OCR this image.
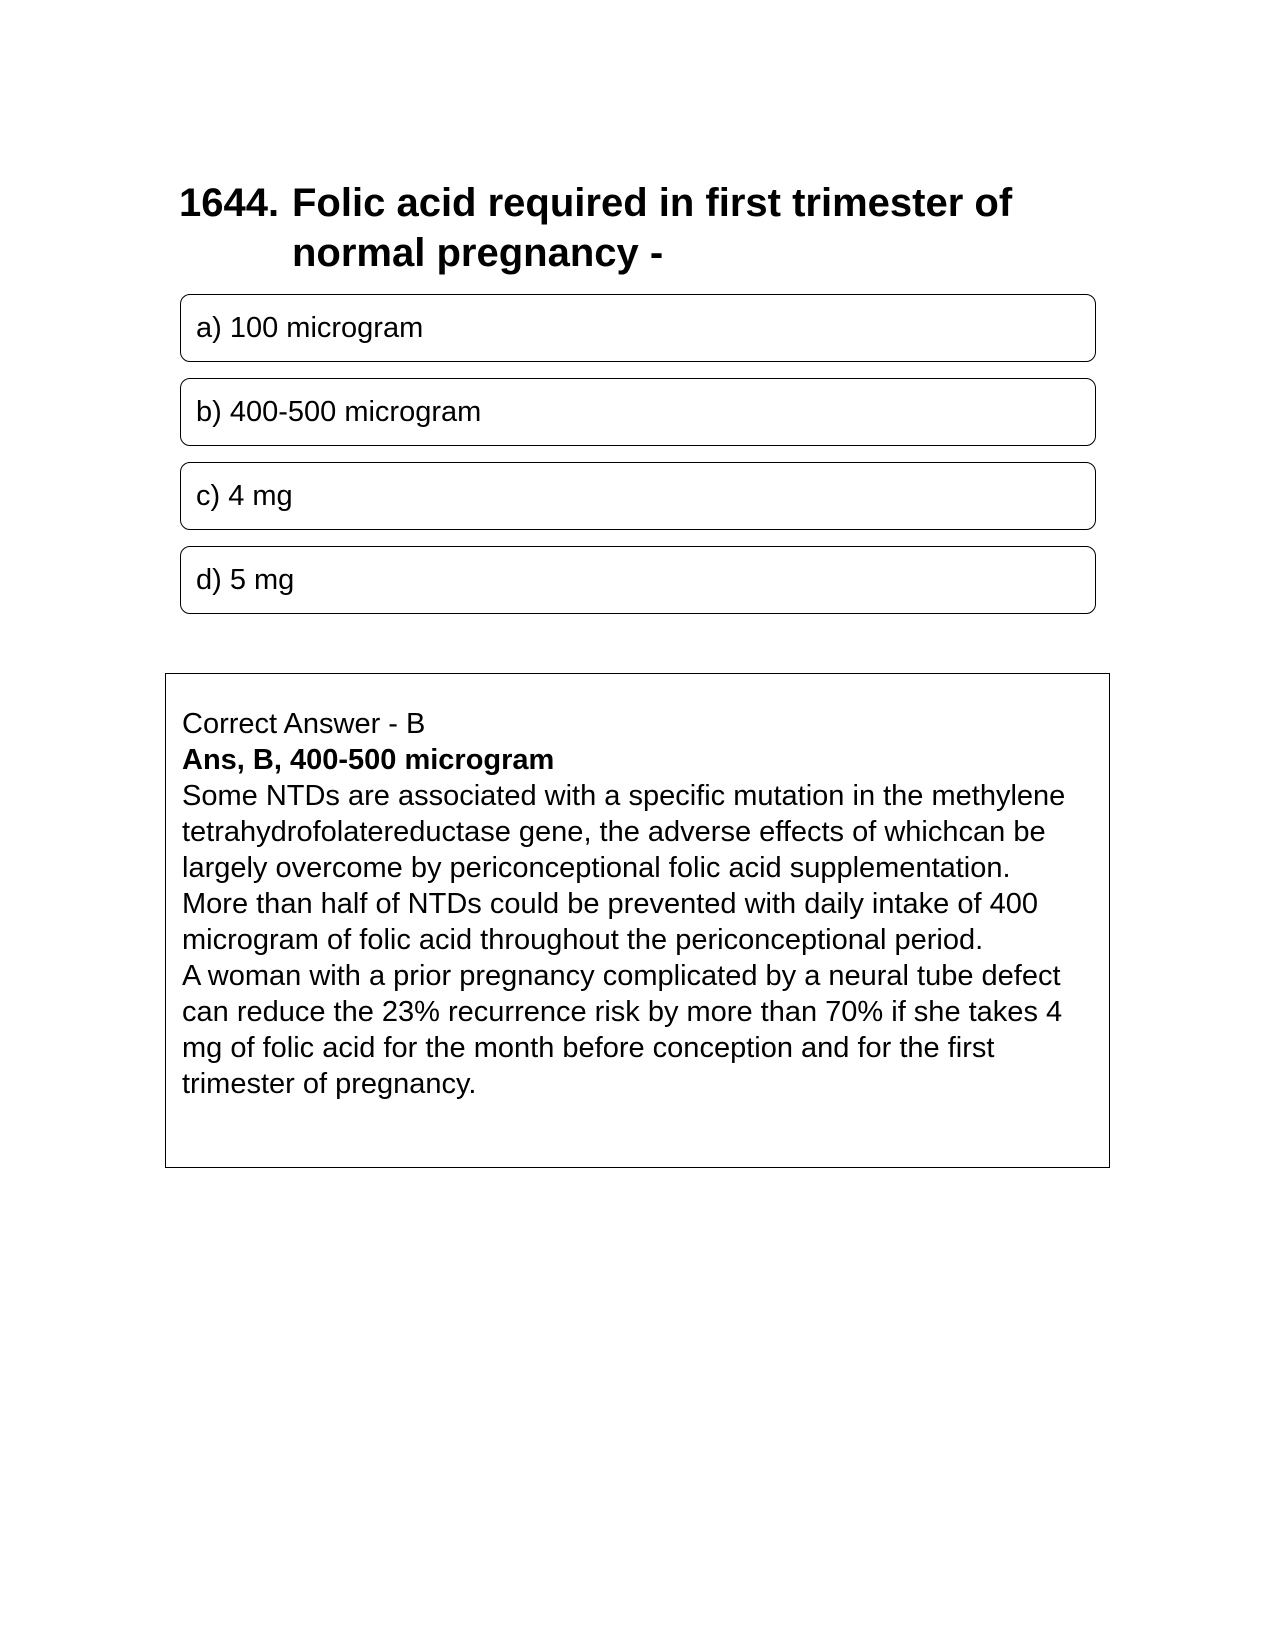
1644. Folic acid required in first trimester of normal pregnancy -
a) 100 microgram
b) 400-500 microgram
c) 4 mg
d) 5 mg

Correct Answer - B

Ans, B, 400-500 microgram

Some NTDs are associated with a specific mutation in the methylene tetrahydrofolatereductase gene, the adverse effects of whichcan be largely overcome by periconceptional folic acid supplementation.

More than half of NTDs could be prevented with daily intake of 400 microgram of folic acid throughout the periconceptional period.

A woman with a prior pregnancy complicated by a neural tube defect can reduce the 23% recurrence risk by more than 70% if she takes 4 mg of folic acid for the month before conception and for the first trimester of pregnancy.
